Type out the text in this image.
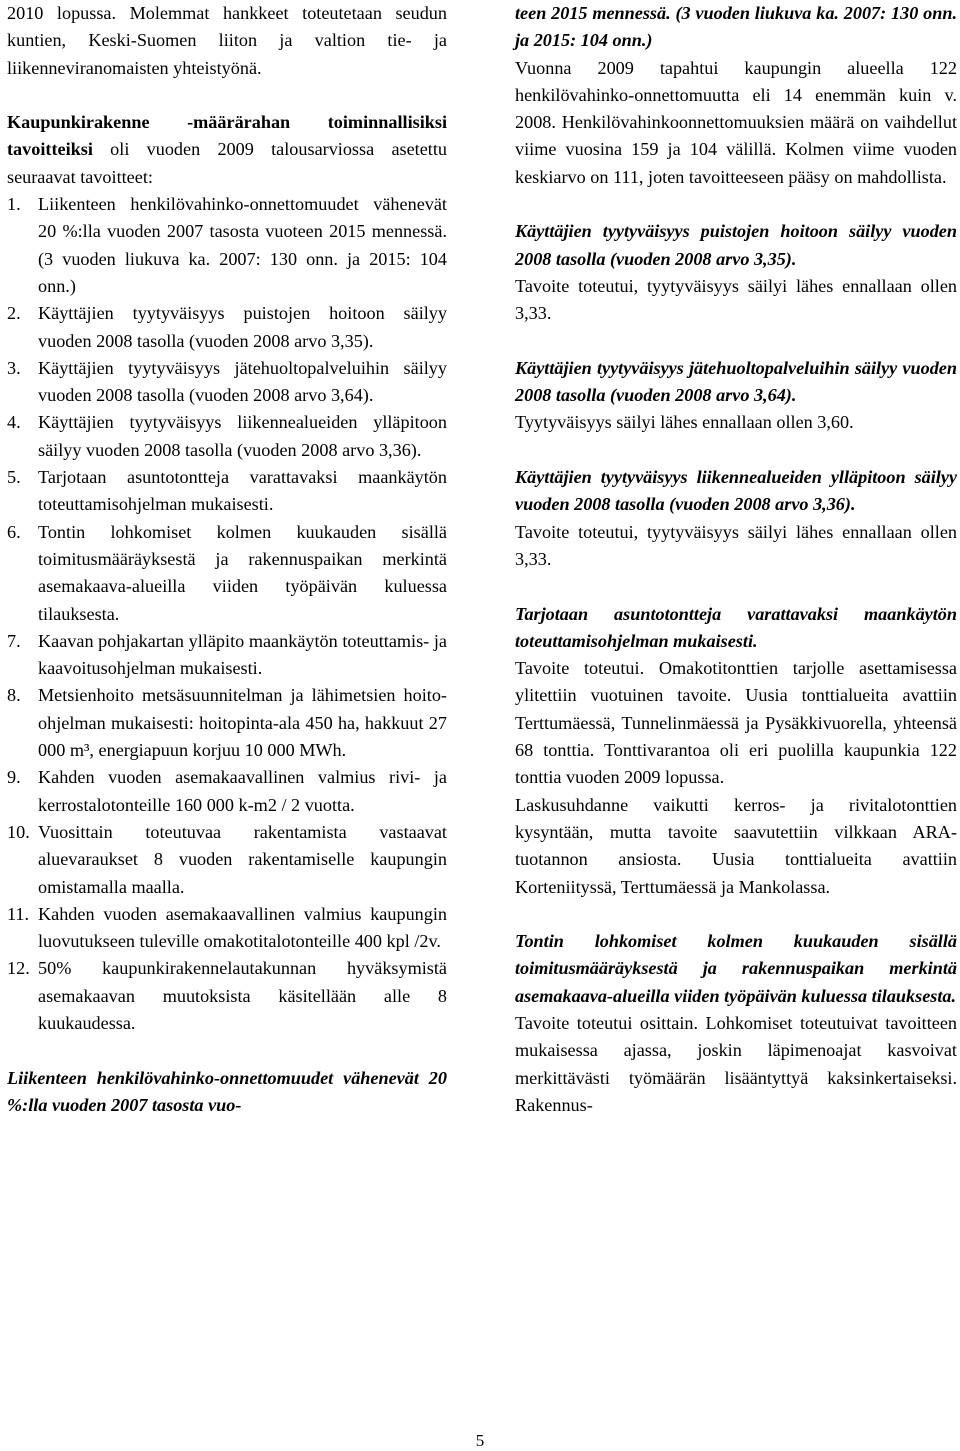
2010 lopussa. Molemmat hankkeet toteutetaan seudun kuntien, Keski-Suomen liiton ja valtion tie- ja liikenneviranomaisten yhteistyönä.

Kaupunkirakenne -määrärahan toiminnallisiksi tavoitteiksi oli vuoden 2009 talousarviossa asetettu seuraavat tavoitteet:

1. Liikenteen henkilövahinko-onnettomuudet vähenevät 20 %:lla vuoden 2007 tasosta vuoteen 2015 mennessä. (3 vuoden liukuva ka. 2007: 130 onn. ja 2015: 104 onn.)
2. Käyttäjien tyytyväisyys puistojen hoitoon säilyy vuoden 2008 tasolla (vuoden 2008 arvo 3,35).
3. Käyttäjien tyytyväisyys jätehuoltopalveluihin säilyy vuoden 2008 tasolla (vuoden 2008 arvo 3,64).
4. Käyttäjien tyytyväisyys liikennealueiden ylläpitoon säilyy vuoden 2008 tasolla (vuoden 2008 arvo 3,36).
5. Tarjotaan asuntotontteja varattavaksi maankäytön toteuttamisohjelman mukaisesti.
6. Tontin lohkomiset kolmen kuukauden sisällä toimitusmääräyksestä ja rakennuspaikan merkintä asemakaava-alueilla viiden työpäivän kuluessa tilauksesta.
7. Kaavan pohjakartan ylläpito maankäytön toteuttamis- ja kaavoitusohjelman mukaisesti.
8. Metsienhoito metsäsuunnitelman ja lähimetsien hoito-ohjelman mukaisesti: hoitopinta-ala 450 ha, hakkuut 27 000 m³, energiapuun korjuu 10 000 MWh.
9. Kahden vuoden asemakaavallinen valmius rivi- ja kerrostalotonteille 160 000 k-m2 / 2 vuotta.
10. Vuosittain toteutuvaa rakentamista vastaavat aluevaraukset 8 vuoden rakentamiselle kaupungin omistamalla maalla.
11. Kahden vuoden asemakaavallinen valmius kaupungin luovutukseen tuleville omakotitalotonteille 400 kpl /2v.
12. 50% kaupunkirakennelautakunnan hyväksymistä asemakaavan muutoksista käsitellään alle 8 kuukaudessa.

Liikenteen henkilövahinko-onnettomuudet vähenevät 20 %:lla vuoden 2007 tasosta vuo-

teen 2015 mennessä. (3 vuoden liukuva ka. 2007: 130 onn. ja 2015: 104 onn.)

Vuonna 2009 tapahtui kaupungin alueella 122 henkilövahinko-onnettomuutta eli 14 enemmän kuin v. 2008. Henkilövahinkoonnettomuuksien määrä on vaihdellut viime vuosina 159 ja 104 välillä. Kolmen viime vuoden keskiarvo on 111, joten tavoitteeseen pääsy on mahdollista.

Käyttäjien tyytyväisyys puistojen hoitoon säilyy vuoden 2008 tasolla (vuoden 2008 arvo 3,35).

Tavoite toteutui, tyytyväisyys säilyi lähes ennallaan ollen 3,33.

Käyttäjien tyytyväisyys jätehuoltopalveluihin säilyy vuoden 2008 tasolla (vuoden 2008 arvo 3,64).

Tyytyväisyys säilyi lähes ennallaan ollen 3,60.

Käyttäjien tyytyväisyys liikennealueiden ylläpitoon säilyy vuoden 2008 tasolla (vuoden 2008 arvo 3,36).

Tavoite toteutui, tyytyväisyys säilyi lähes ennallaan ollen 3,33.

Tarjotaan asuntotontteja varattavaksi maankäytön toteuttamisohjelman mukaisesti.

Tavoite toteutui. Omakotitonttien tarjolle asettamisessa ylitettiin vuotuinen tavoite. Uusia tonttialueita avattiin Terttumäessä, Tunnelinmäessä ja Pysäkkivuorella, yhteensä 68 tonttia. Tonttivarantoa oli eri puolilla kaupunkia 122 tonttia vuoden 2009 lopussa.

Laskusuhdanne vaikutti kerros- ja rivitalotonttien kysyntään, mutta tavoite saavutettiin vilkkaan ARA-tuotannon ansiosta. Uusia tonttialueita avattiin Korteniityssä, Terttumäessä ja Mankolassa.

Tontin lohkomiset kolmen kuukauden sisällä toimitusmääräyksestä ja rakennuspaikan merkintä asemakaava-alueilla viiden työpäivän kuluessa tilauksesta.

Tavoite toteutui osittain. Lohkomiset toteutuivat tavoitteen mukaisessa ajassa, joskin läpimenoajat kasvoivat merkittävästi työmäärän lisääntyttyä kaksinkertaiseksi. Rakennus-

5
